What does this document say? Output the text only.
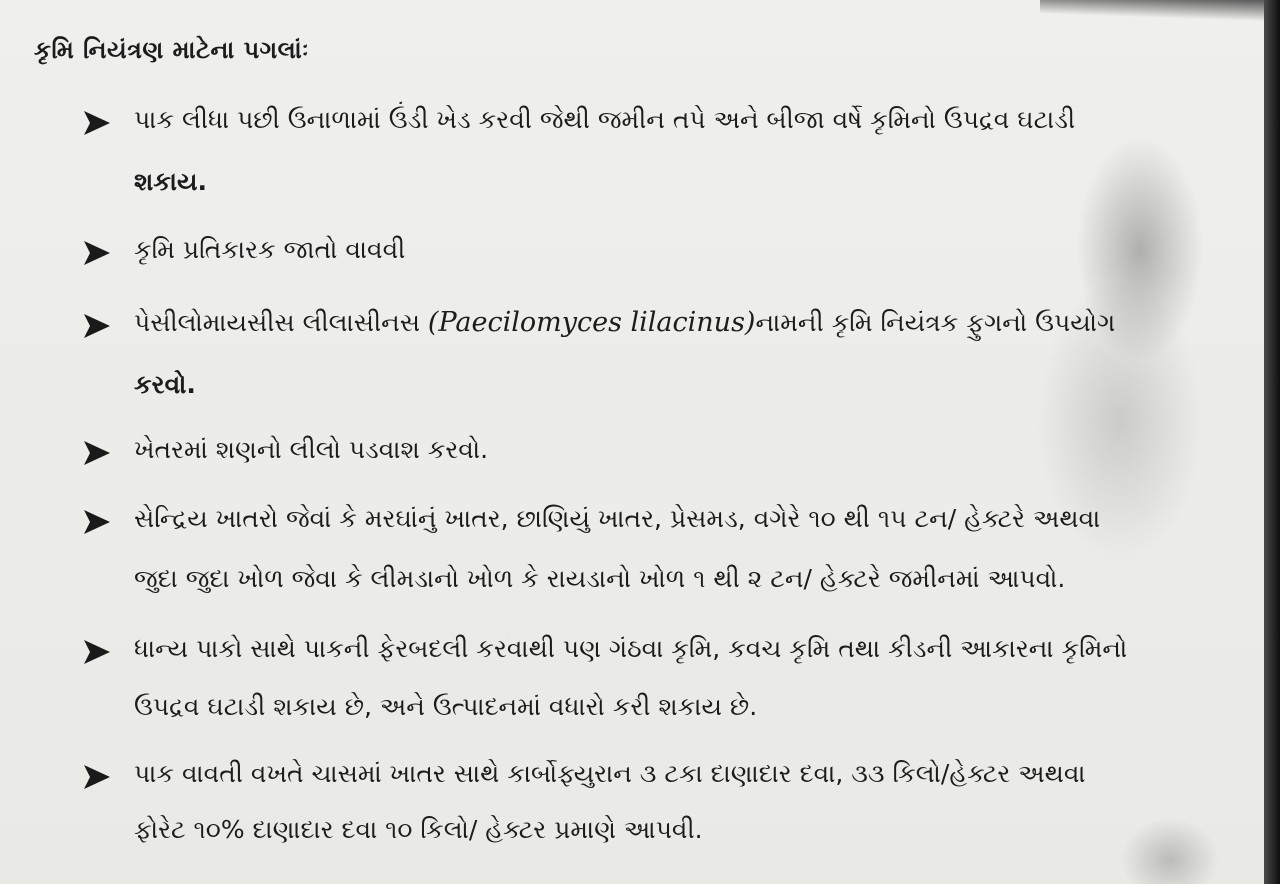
કૃમિ નિયંત્રણ માટેના પગલાંઃ
પાક લીધા પછી ઉનાળામાં ઉંડી ખેડ કરવી જેથી જમીન તપે અને બીજા વર્ષે કૃમિનો ઉપદ્રવ ઘટાડી
શકાય.
કૃમિ પ્રતિકારક જાતો વાવવી
પેસીલોમાયસીસ લીલાસીનસ (Paecilomyces lilacinus)નામની કૃમિ નિયંત્રક ફુગનો ઉપયોગ
કરવો.
ખેતરમાં શણનો લીલો પડવાશ કરવો.
સેન્દ્રિય ખાતરો જેવાં કે મરઘાંનું ખાતર, છાણિયું ખાતર, પ્રેસમડ, વગેરે ૧૦ થી ૧૫ ટન/ હેક્ટરે અથવા
જુદા જુદા ખોળ જેવા કે લીમડાનો ખોળ કે રાયડાનો ખોળ ૧ થી ૨ ટન/ હેક્ટરે જમીનમાં આપવો.
ધાન્ય પાકો સાથે પાકની ફેરબદલી કરવાથી પણ ગંઠવા કૃમિ, કવચ કૃમિ તથા કીડની આકારના કૃમિનો
ઉપદ્રવ ઘટાડી શકાય છે, અને ઉત્પાદનમાં વધારો કરી શકાય છે.
પાક વાવતી વખતે ચાસમાં ખાતર સાથે કાર્બોફ્યુરાન ૩ ટકા દાણાદાર દવા, ૩૩ કિલો/હેક્ટર અથવા
ફોરેટ ૧૦% દાણાદાર દવા ૧૦ કિલો/ હેક્ટર પ્રમાણે આપવી.
